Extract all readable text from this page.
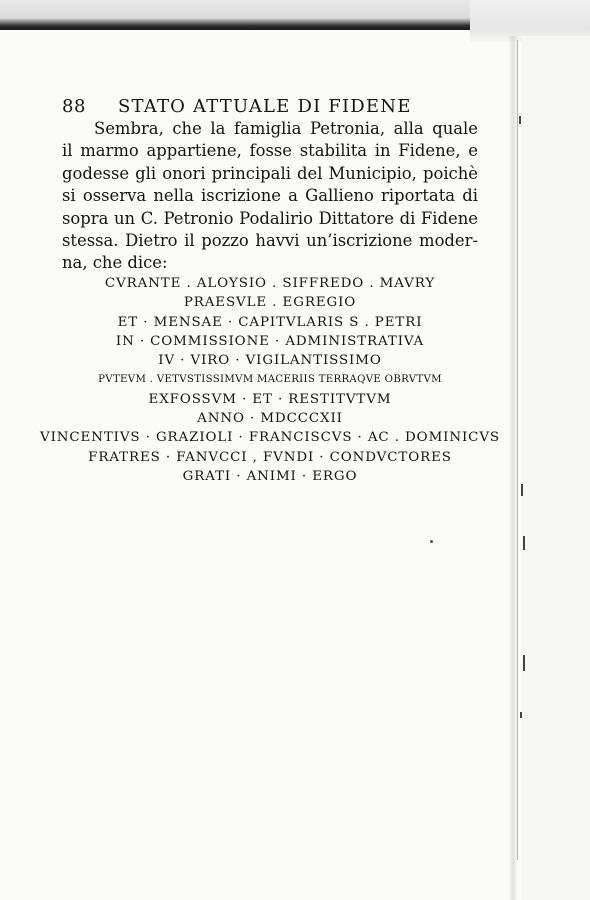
88 STATO ATTUALE DI FIDENE
Sembra, che la famiglia Petronia, alla quale
il marmo appartiene, fosse stabilita in Fidene, e
godesse gli onori principali del Municipio, poichè
si osserva nella iscrizione a Gallieno riportata di
sopra un C. Petronio Podalirio Dittatore di Fidene
stessa. Dietro il pozzo havvi un’iscrizione moder-
na, che dice:
CVRANTE . ALOYSIO . SIFFREDO . MAVRY
PRAESVLE . EGREGIO
ET · MENSAE · CAPITVLARIS S . PETRI
IN · COMMISSIONE · ADMINISTRATIVA
IV · VIRO · VIGILANTISSIMO
PVTEVM . VETVSTISSIMVM MACERIIS TERRAQVE OBRVTVM
EXFOSSVM · ET · RESTITVTVM
ANNO · MDCCCXII
VINCENTIVS · GRAZIOLI · FRANCISCVS · AC . DOMINICVS
FRATRES · FANVCCI , FVNDI · CONDVCTORES
GRATI · ANIMI · ERGO
